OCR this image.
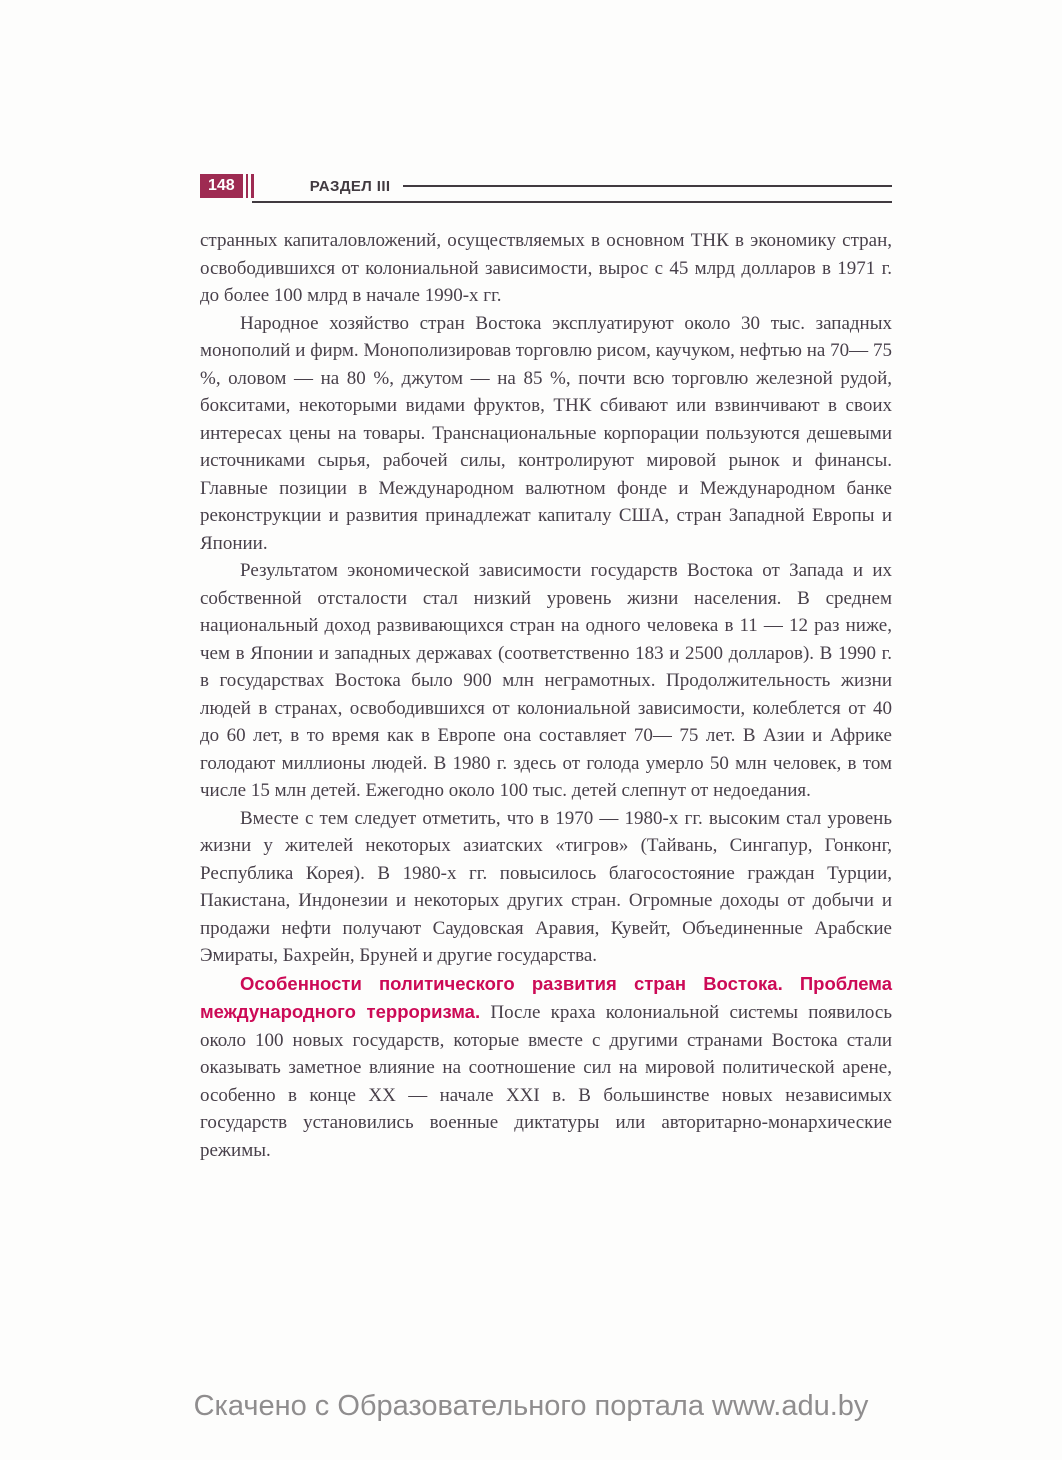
148	РАЗДЕЛ III

странных капиталовложений, осуществляемых в основном ТНК в экономику стран, освободившихся от колониальной зависимости, вырос с 45 млрд долларов в 1971 г. до более 100 млрд в начале 1990-х гг.

Народное хозяйство стран Востока эксплуатируют около 30 тыс. западных монополий и фирм. Монополизировав торговлю рисом, каучуком, нефтью на 70— 75 %, оловом — на 80 %, джутом — на 85 %, почти всю торговлю железной рудой, бокситами, некоторыми видами фруктов, ТНК сбивают или взвинчивают в своих интересах цены на товары. Транснациональные корпорации пользуются дешевыми источниками сырья, рабочей силы, контролируют мировой рынок и финансы. Главные позиции в Международном валютном фонде и Международном банке реконструкции и развития принадлежат капиталу США, стран Западной Европы и Японии.

Результатом экономической зависимости государств Востока от Запада и их собственной отсталости стал низкий уровень жизни населения. В среднем национальный доход развивающихся стран на одного человека в 11 — 12 раз ниже, чем в Японии и западных державах (соответственно 183 и 2500 долларов). В 1990 г. в государствах Востока было 900 млн неграмотных. Продолжительность жизни людей в странах, освободившихся от колониальной зависимости, колеблется от 40 до 60 лет, в то время как в Европе она составляет 70— 75 лет. В Азии и Африке голодают миллионы людей. В 1980 г. здесь от голода умерло 50 млн человек, в том числе 15 млн детей. Ежегодно около 100 тыс. детей слепнут от недоедания.

Вместе с тем следует отметить, что в 1970 — 1980-х гг. высоким стал уровень жизни у жителей некоторых азиатских «тигров» (Тайвань, Сингапур, Гонконг, Республика Корея). В 1980-х гг. повысилось благосостояние граждан Турции, Пакистана, Индонезии и некоторых других стран. Огромные доходы от добычи и продажи нефти получают Саудовская Аравия, Кувейт, Объединенные Арабские Эмираты, Бахрейн, Бруней и другие государства.

Особенности политического развития стран Востока. Проблема международного терроризма. После краха колониальной системы появилось около 100 новых государств, которые вместе с другими странами Востока стали оказывать заметное влияние на соотношение сил на мировой политической арене, особенно в конце XX — начале XXI в. В большинстве новых независимых государств установились военные диктатуры или авторитарно-монархические режимы.

Скачено с Образовательного портала www.adu.by
